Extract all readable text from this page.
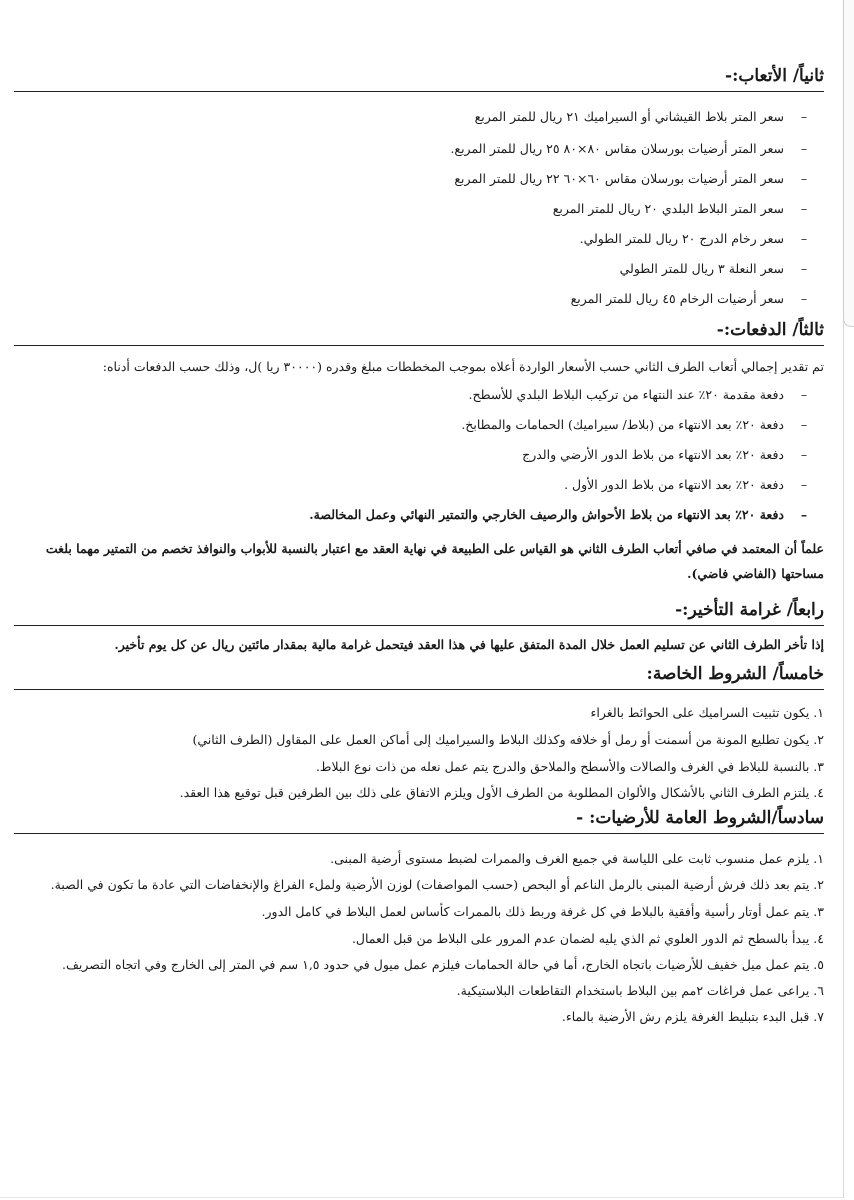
ثانياً/ الأتعاب:-
–سعر المتر بلاط القيشاني أو السيراميك ٢١ ريال للمتر المربع
–سعر المتر أرضيات بورسلان مقاس ٨٠×٨٠ ٢٥ ريال للمتر المربع.
–سعر المتر أرضيات بورسلان مقاس ٦٠×٦٠ ٢٢ ريال للمتر المربع
–سعر المتر البلاط البلدي ٢٠ ريال للمتر المربع
–سعر رخام الدرج ٢٠ ريال للمتر الطولي.
–سعر النعلة ٣ ريال للمتر الطولي
–سعر أرضيات الرخام ٤٥ ريال للمتر المربع
ثالثاً/ الدفعات:-
تم تقدير إجمالي أتعاب الطرف الثاني حسب الأسعار الواردة أعلاه بموجب المخططات مبلغ وقدره (٣٠٠٠٠ ريا )ل، وذلك حسب الدفعات أدناه:
–دفعة مقدمة ٢٠٪ عند النتهاء من تركيب البلاط البلدي للأسطح.
–دفعة ٢٠٪ بعد الانتهاء من (بلاط/ سيراميك) الحمامات والمطابخ.
–دفعة ٢٠٪ بعد الانتهاء من بلاط الدور الأرضي والدرج
–دفعة ٢٠٪ بعد الانتهاء من بلاط الدور الأول .
–دفعة ٢٠٪ بعد الانتهاء من بلاط الأحواش والرصيف الخارجي والتمتير النهائي وعمل المخالصة.
علماً أن المعتمد في صافي أتعاب الطرف الثاني هو القياس على الطبيعة في نهاية العقد مع اعتبار بالنسبة للأبواب والنوافذ تخصم من التمتير مهما بلغت مساحتها (الفاضي فاضي).
رابعاً/ غرامة التأخير:-
إذا تأخر الطرف الثاني عن تسليم العمل خلال المدة المتفق عليها في هذا العقد فيتحمل غرامة مالية بمقدار مائتين ريال عن كل يوم تأخير.
خامساً/ الشروط الخاصة:
١. يكون تثبيت السراميك على الحوائط بالغراء
٢. يكون تطليع المونة من أسمنت أو رمل أو خلافه وكذلك البلاط والسيراميك إلى أماكن العمل على المقاول (الطرف الثاني)
٣. بالنسبة للبلاط في الغرف والصالات والأسطح والملاحق والدرج يتم عمل نعله من ذات نوع البلاط.
٤. يلتزم الطرف الثاني بالأشكال والألوان المطلوبة من الطرف الأول ويلزم الاتفاق على ذلك بين الطرفين قبل توقيع هذا العقد.
سادساً/الشروط العامة للأرضيات: -
١. يلزم عمل منسوب ثابت على اللياسة في جميع الغرف والممرات لضبط مستوى أرضية المبنى.
٢. يتم بعد ذلك فرش أرضية المبنى بالرمل الناعم أو البحص (حسب المواصفات) لوزن الأرضية ولملء الفراغ والإنخفاضات التي عادة ما تكون في الصبة.
٣. يتم عمل أوتار رأسية وأفقية بالبلاط في كل غرفة وربط ذلك بالممرات كأساس لعمل البلاط في كامل الدور.
٤. يبدأ بالسطح ثم الدور العلوي ثم الذي يليه لضمان عدم المرور على البلاط من قبل العمال.
٥. يتم عمل ميل خفيف للأرضيات باتجاه الخارج، أما في حالة الحمامات فيلزم عمل ميول في حدود ١,٥ سم في المتر إلى الخارج وفي اتجاه التصريف.
٦. يراعى عمل فراغات ٢مم بين البلاط باستخدام التقاطعات البلاستيكية.
٧. قبل البدء بتبليط الغرفة يلزم رش الأرضية بالماء.
